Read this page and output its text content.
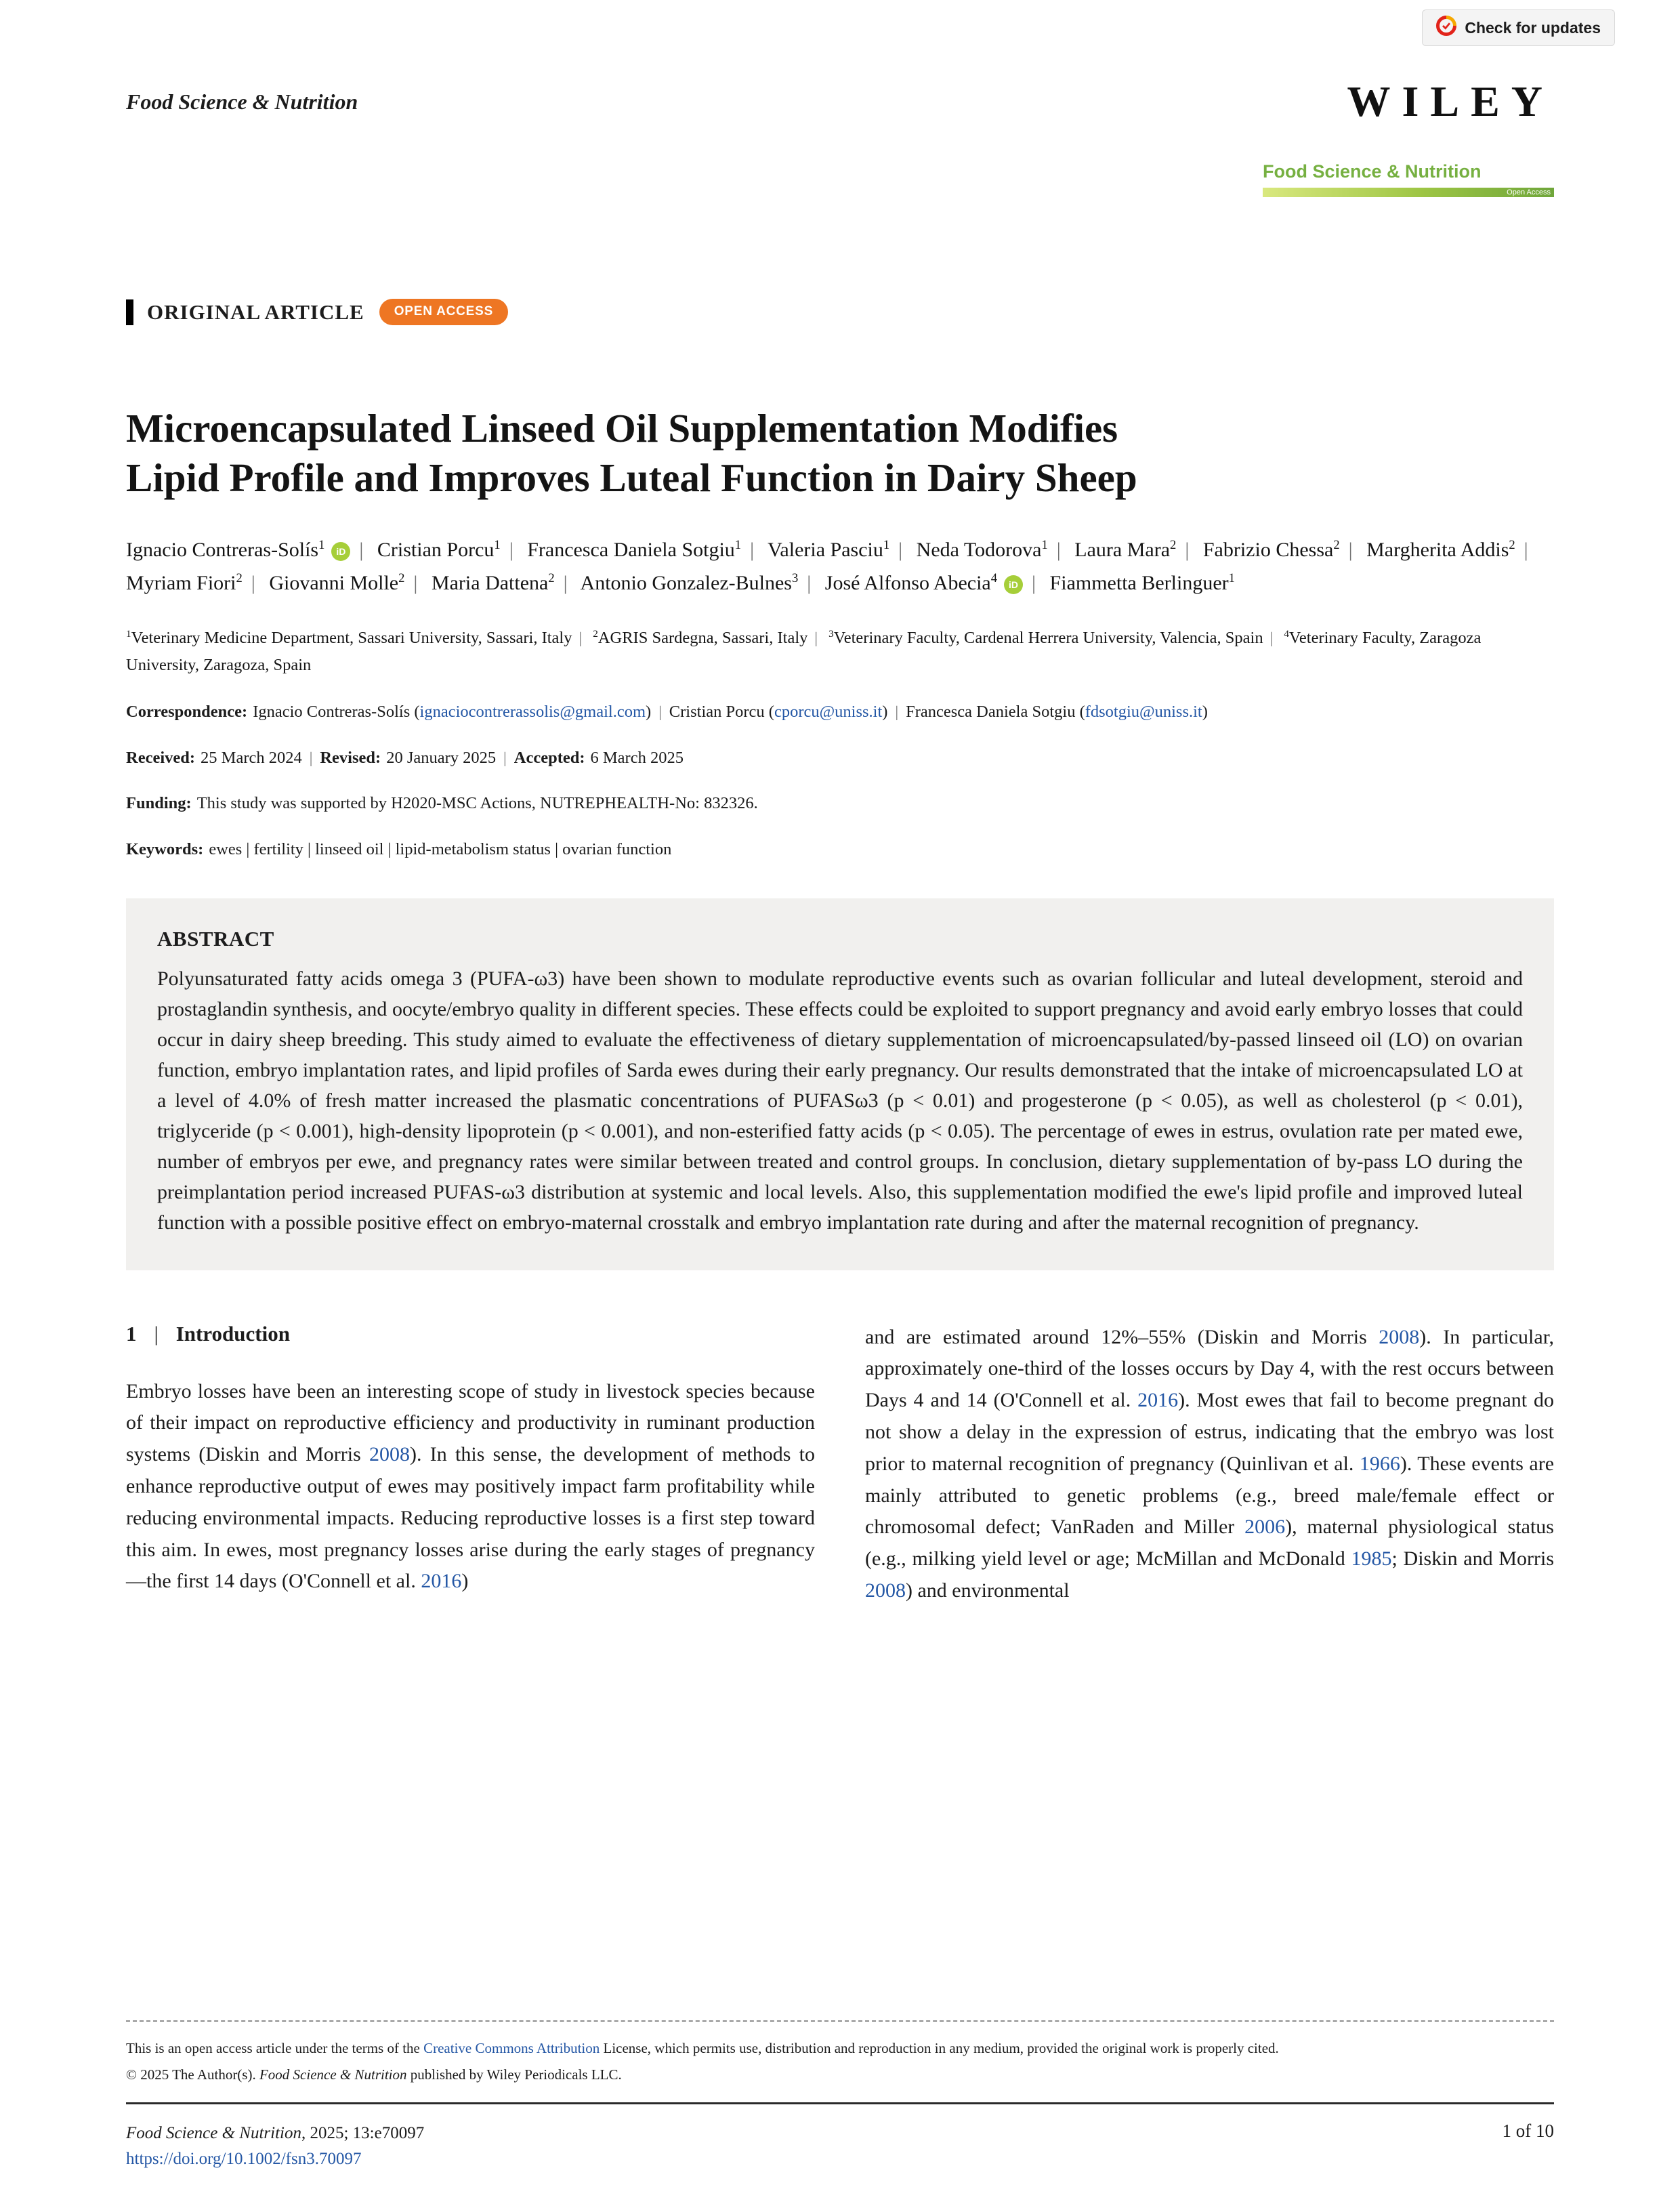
Check for updates
Food Science & Nutrition	WILEY
Food Science & Nutrition
Open Access
ORIGINAL ARTICLE	OPEN ACCESS
Microencapsulated Linseed Oil Supplementation Modifies
Lipid Profile and Improves Luteal Function in Dairy Sheep
Ignacio Contreras-Solís$^1$ iD | Cristian Porcu$^1$ | Francesca Daniela Sotgiu$^1$ | Valeria Pasciu$^1$ | Neda Todorova$^1$ | Laura Mara$^2$ | Fabrizio Chessa$^2$ | Margherita Addis$^2$ | Myriam Fiori$^2$ | Giovanni Molle$^2$ | Maria Dattena$^2$ | Antonio Gonzalez-Bulnes$^3$ | José Alfonso Abecia$^4$ iD | Fiammetta Berlinguer$^1$
$^1$Veterinary Medicine Department, Sassari University, Sassari, Italy | $^2$AGRIS Sardegna, Sassari, Italy | $^3$Veterinary Faculty, Cardenal Herrera University, Valencia, Spain | $^4$Veterinary Faculty, Zaragoza University, Zaragoza, Spain
Correspondence: Ignacio Contreras-Solís (ignaciocontrerassolis@gmail.com) | Cristian Porcu (cporcu@uniss.it) | Francesca Daniela Sotgiu (fdsotgiu@uniss.it)
Received: 25 March 2024 | Revised: 20 January 2025 | Accepted: 6 March 2025
Funding: This study was supported by H2020-MSC Actions, NUTREPHEALTH-No: 832326.
Keywords: ewes | fertility | linseed oil | lipid-metabolism status | ovarian function
ABSTRACT

Polyunsaturated fatty acids omega 3 (PUFA-ω3) have been shown to modulate reproductive events such as ovarian follicular and luteal development, steroid and prostaglandin synthesis, and oocyte/embryo quality in different species. These effects could be exploited to support pregnancy and avoid early embryo losses that could occur in dairy sheep breeding. This study aimed to evaluate the effectiveness of dietary supplementation of microencapsulated/by-passed linseed oil (LO) on ovarian function, embryo implantation rates, and lipid profiles of Sarda ewes during their early pregnancy. Our results demonstrated that the intake of microencapsulated LO at a level of 4.0% of fresh matter increased the plasmatic concentrations of PUFASω3 (p < 0.01) and progesterone (p < 0.05), as well as cholesterol (p < 0.01), triglyceride (p < 0.001), high-density lipoprotein (p < 0.001), and non-esterified fatty acids (p < 0.05). The percentage of ewes in estrus, ovulation rate per mated ewe, number of embryos per ewe, and pregnancy rates were similar between treated and control groups. In conclusion, dietary supplementation of by-pass LO during the preimplantation period increased PUFAS-ω3 distribution at systemic and local levels. Also, this supplementation modified the ewe's lipid profile and improved luteal function with a possible positive effect on embryo-maternal crosstalk and embryo implantation rate during and after the maternal recognition of pregnancy.

1 | Introduction

Embryo losses have been an interesting scope of study in livestock species because of their impact on reproductive efficiency and productivity in ruminant production systems (Diskin and Morris 2008). In this sense, the development of methods to enhance reproductive output of ewes may positively impact farm profitability while reducing environmental impacts. Reducing reproductive losses is a first step toward this aim. In ewes, most pregnancy losses arise during the early stages of pregnancy—the first 14 days (O'Connell et al. 2016)

and are estimated around 12%–55% (Diskin and Morris 2008). In particular, approximately one-third of the losses occurs by Day 4, with the rest occurs between Days 4 and 14 (O'Connell et al. 2016). Most ewes that fail to become pregnant do not show a delay in the expression of estrus, indicating that the embryo was lost prior to maternal recognition of pregnancy (Quinlivan et al. 1966). These events are mainly attributed to genetic problems (e.g., breed male/female effect or chromosomal defect; VanRaden and Miller 2006), maternal physiological status (e.g., milking yield level or age; McMillan and McDonald 1985; Diskin and Morris 2008) and environmental

This is an open access article under the terms of the Creative Commons Attribution License, which permits use, distribution and reproduction in any medium, provided the original work is properly cited.

© 2025 The Author(s). Food Science & Nutrition published by Wiley Periodicals LLC.

Food Science & Nutrition, 2025; 13:e70097
https://doi.org/10.1002/fsn3.70097
1 of 10
